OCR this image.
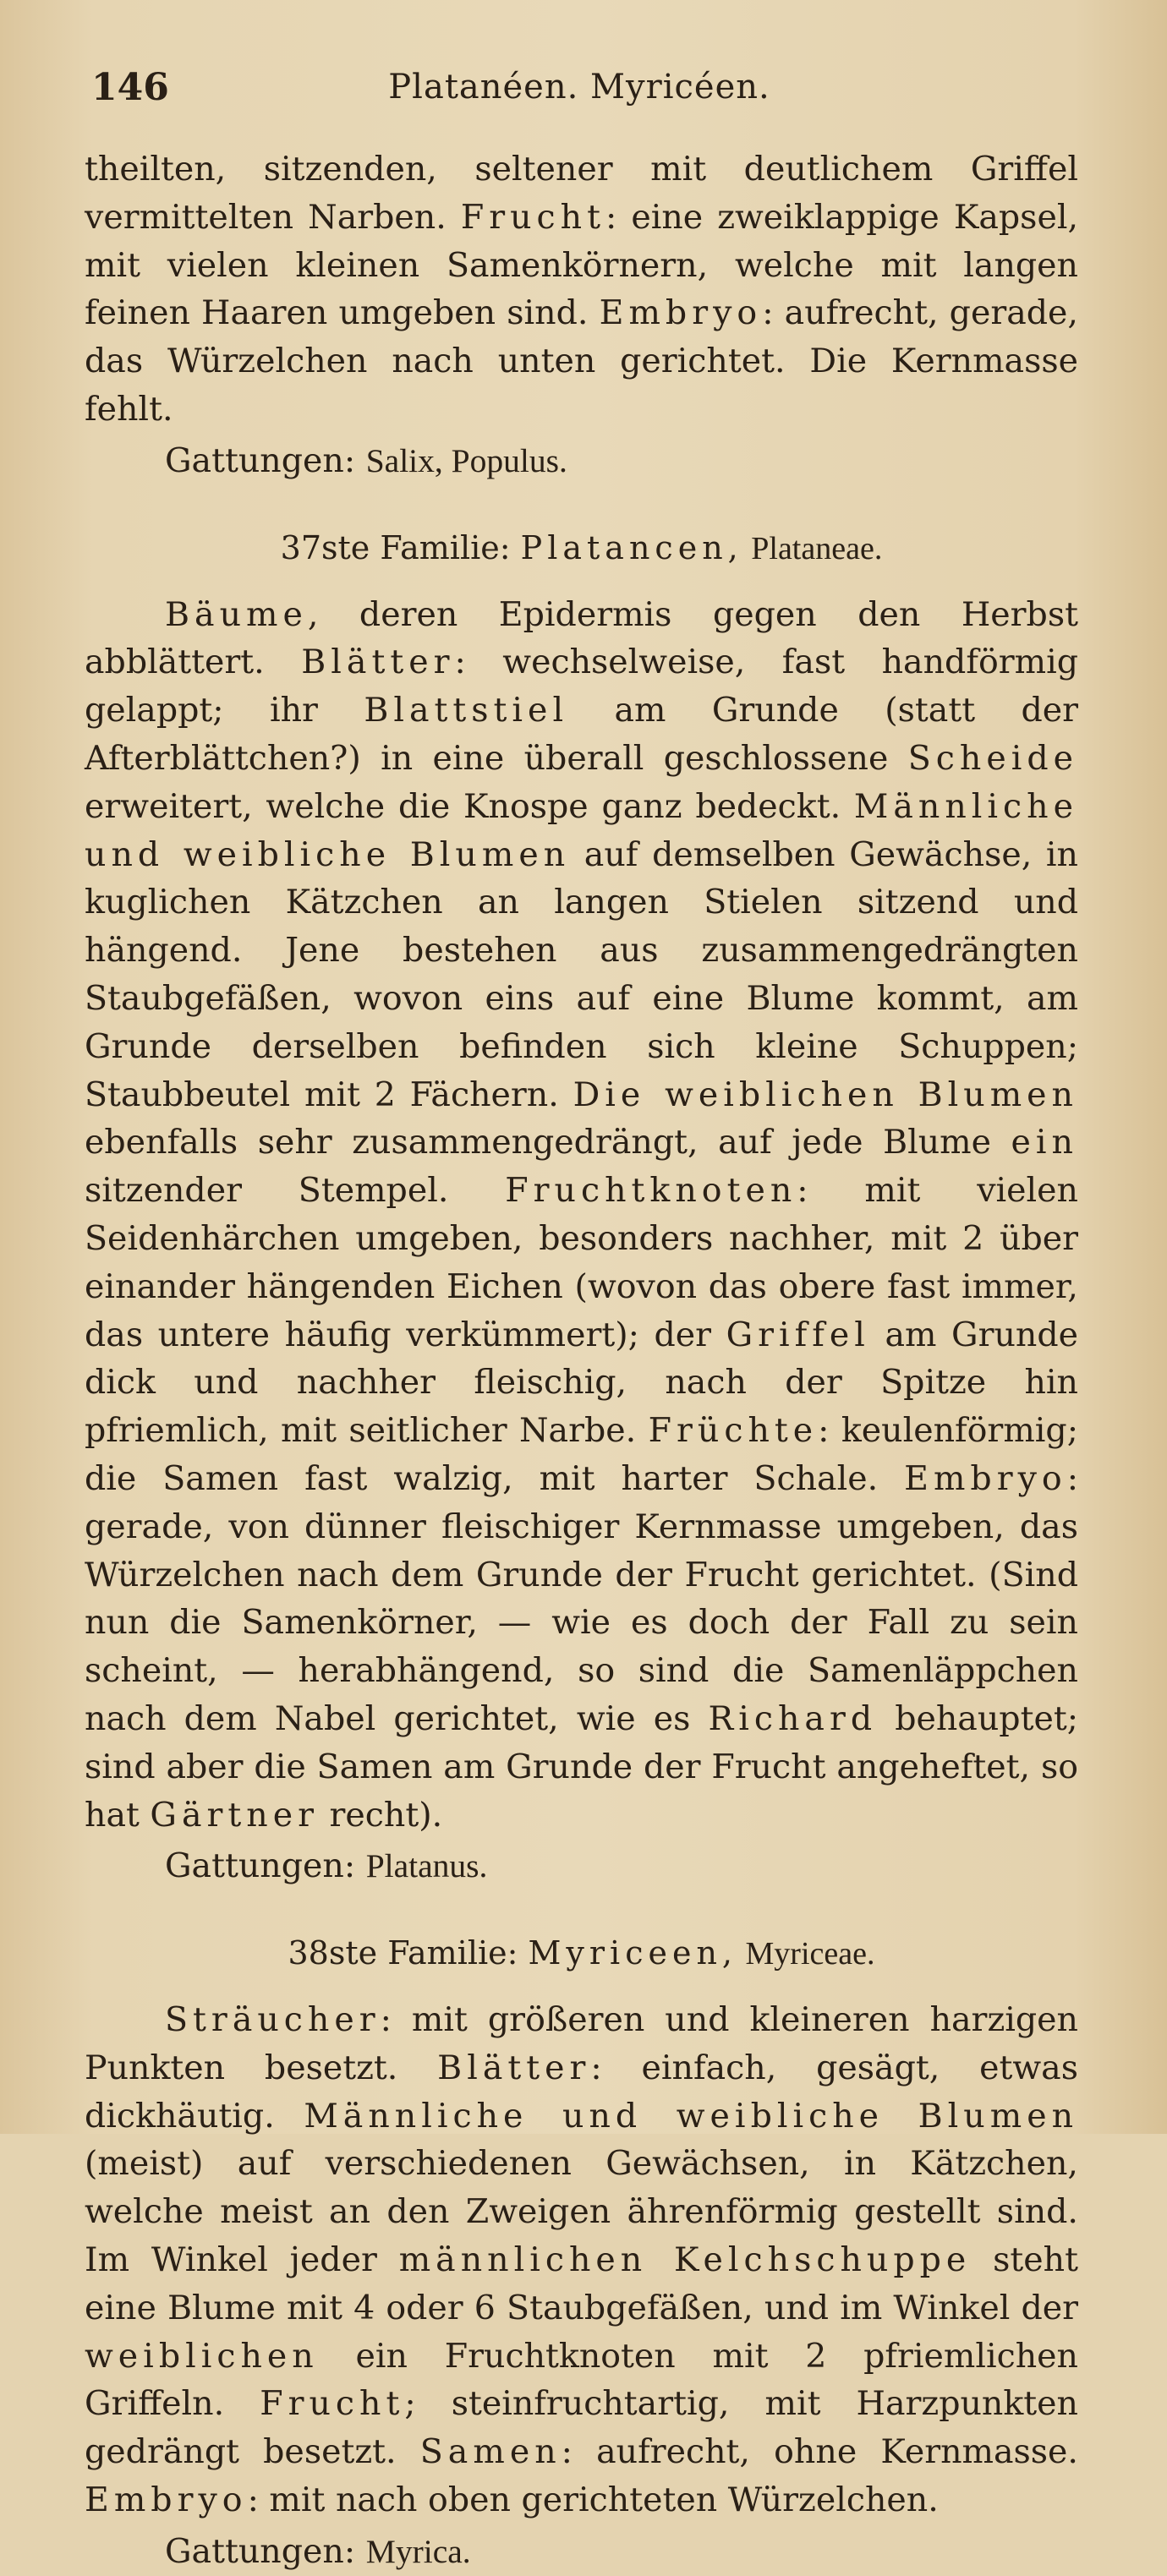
146	Platanéen. Myricéen.

theilten, sitzenden, seltener mit deutlichem Griffel vermittelten Narben. Frucht: eine zweiklappige Kapsel, mit vielen kleinen Samenkörnern, welche mit langen feinen Haaren umgeben sind. Embryo: aufrecht, gerade, das Würzelchen nach unten gerichtet. Die Kernmasse fehlt.

Gattungen: Salix, Populus.

37ste Familie: Platancen, Plataneae.

Bäume, deren Epidermis gegen den Herbst abblättert. Blätter: wechselweise, fast handförmig gelappt; ihr Blattstiel am Grunde (statt der Afterblättchen?) in eine überall geschlossene Scheide erweitert, welche die Knospe ganz bedeckt. Männliche und weibliche Blumen auf demselben Gewächse, in kuglichen Kätzchen an langen Stielen sitzend und hängend. Jene bestehen aus zusammengedrängten Staubgefäßen, wovon eins auf eine Blume kommt, am Grunde derselben befinden sich kleine Schuppen; Staubbeutel mit 2 Fächern. Die weiblichen Blumen ebenfalls sehr zusammengedrängt, auf jede Blume ein sitzender Stempel. Fruchtknoten: mit vielen Seidenhärchen umgeben, besonders nachher, mit 2 über einander hängenden Eichen (wovon das obere fast immer, das untere häufig verkümmert); der Griffel am Grunde dick und nachher fleischig, nach der Spitze hin pfriemlich, mit seitlicher Narbe. Früchte: keulenförmig; die Samen fast walzig, mit harter Schale. Embryo: gerade, von dünner fleischiger Kernmasse umgeben, das Würzelchen nach dem Grunde der Frucht gerichtet. (Sind nun die Samenkörner, — wie es doch der Fall zu sein scheint, — herabhängend, so sind die Samenläppchen nach dem Nabel gerichtet, wie es Richard behauptet; sind aber die Samen am Grunde der Frucht angeheftet, so hat Gärtner recht).

Gattungen: Platanus.

38ste Familie: Myriceen, Myriceae.

Sträucher: mit größeren und kleineren harzigen Punkten besetzt. Blätter: einfach, gesägt, etwas dickhäutig. Männliche und weibliche Blumen (meist) auf verschiedenen Gewächsen, in Kätzchen, welche meist an den Zweigen ährenförmig gestellt sind. Im Winkel jeder männlichen Kelchschuppe steht eine Blume mit 4 oder 6 Staubgefäßen, und im Winkel der weiblichen ein Fruchtknoten mit 2 pfriemlichen Griffeln. Frucht; steinfruchtartig, mit Harzpunkten gedrängt besetzt. Samen: aufrecht, ohne Kernmasse. Embryo: mit nach oben gerichteten Würzelchen.

Gattungen: Myrica.
